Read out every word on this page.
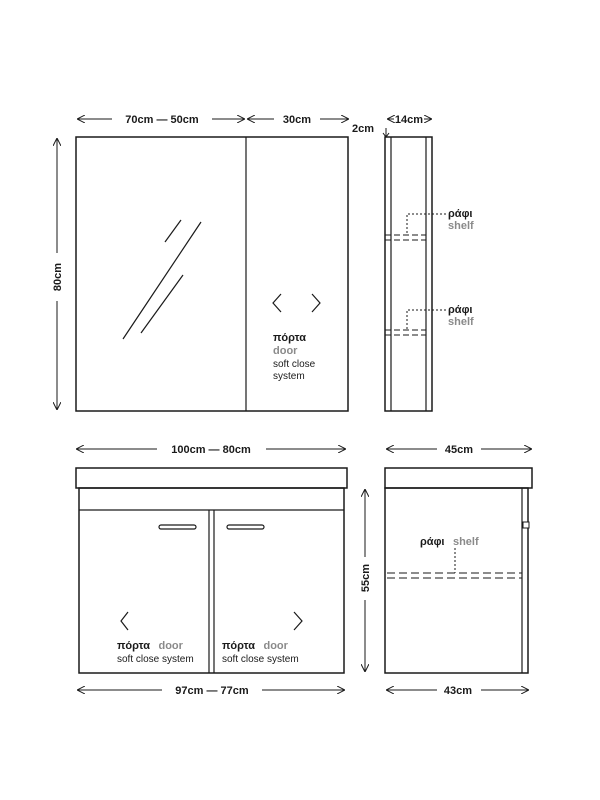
70cm — 50cm	30cm
πόρτα
door
soft close
system
80cm
2cm
14cm
ράφι
shelf
ράφι
shelf
100cm — 80cm
πόρτα door
soft close system
πόρτα door
soft close system
55cm
97cm — 77cm
45cm
ράφι shelf
43cm
